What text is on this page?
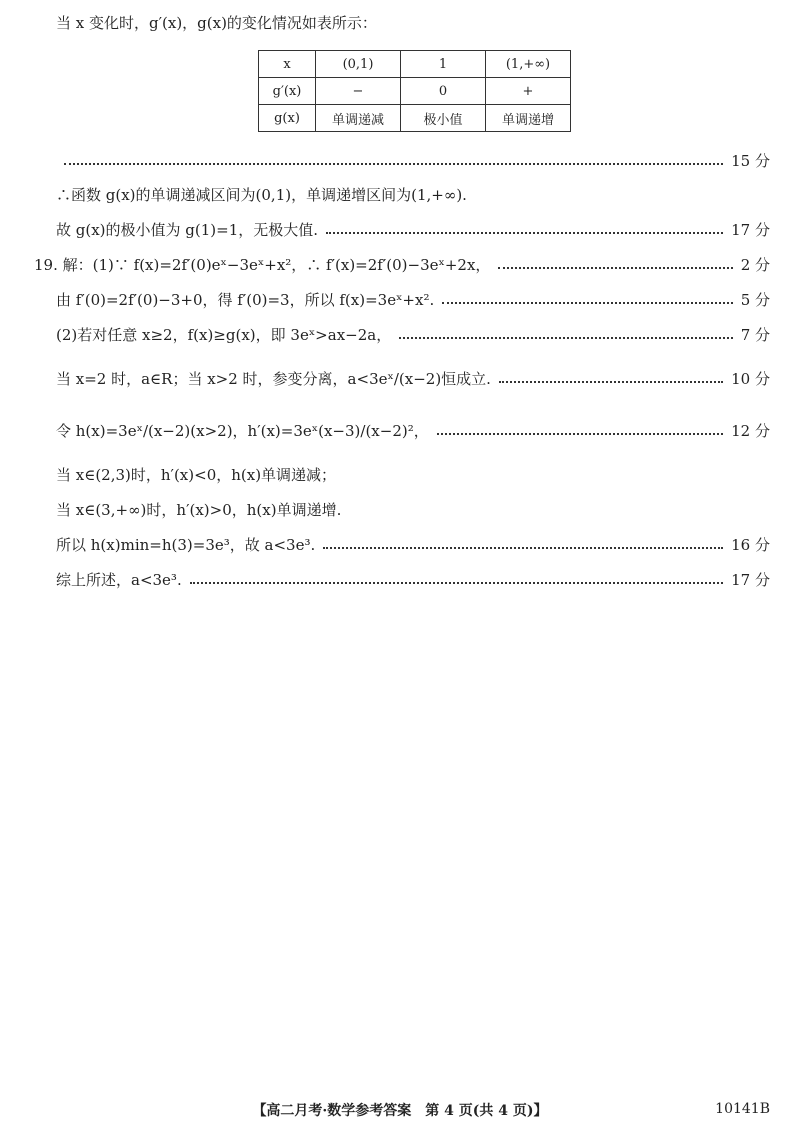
当 x 变化时，g′(x)，g(x)的变化情况如表所示：
x	(0,1)	1	(1,+∞)
g′(x)	−	0	+
g(x)	单调递减	极小值	单调递增
15 分
∴函数 g(x)的单调递减区间为(0,1)，单调递增区间为(1,+∞).
故 g(x)的极小值为 g(1)=1，无极大值.	17 分
19. 解：(1)∵ f(x)=2f′(0)eˣ−3eˣ+x²，∴ f′(x)=2f′(0)−3eˣ+2x，	2 分
由 f′(0)=2f′(0)−3+0，得 f′(0)=3，所以 f(x)=3eˣ+x².	5 分
(2)若对任意 x≥2，f(x)≥g(x)，即 3eˣ>ax−2a，	7 分
当 x=2 时，a∈R；当 x>2 时，参变分离，a<3eˣ/(x−2)恒成立.	10 分
令 h(x)=3eˣ/(x−2)(x>2)，h′(x)=3eˣ(x−3)/(x−2)²，	12 分
当 x∈(2,3)时，h′(x)<0，h(x)单调递减；
当 x∈(3,+∞)时，h′(x)>0，h(x)单调递增.
所以 h(x)min=h(3)=3e³，故 a<3e³.	16 分
综上所述，a<3e³.	17 分
【高二月考·数学参考答案　第 4 页(共 4 页)】	10141B
